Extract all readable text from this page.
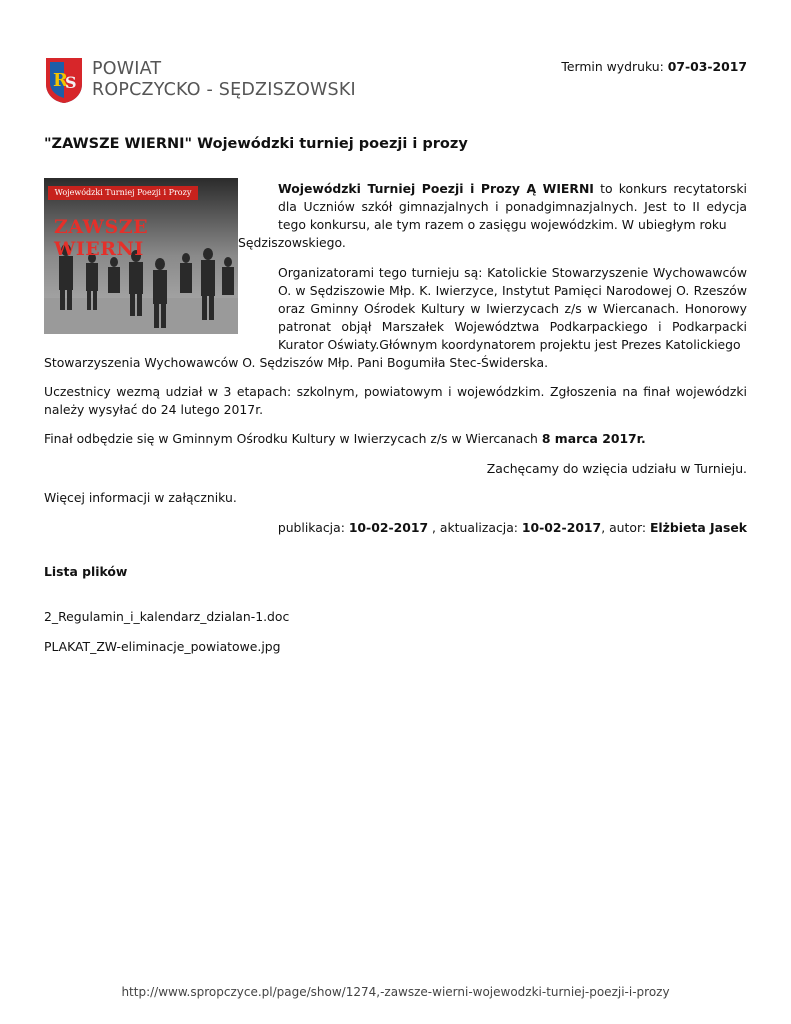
R
S
POWIAT
ROPCZYCKO - SĘDZISZOWSKI
Termin wydruku: 07-03-2017
"ZAWSZE WIERNI" Wojewódzki turniej poezji i prozy
Wojewódzki Turniej Poezji i Prozy
ZAWSZE WIERNI

Wojewódzki Turniej Poezji i Prozy Ą WIERNI to konkurs recytatorski dla Uczniów szkół gimnazjalnych i ponadgimnazjalnych. Jest to II edycja tego konkursu, ale tym razem o zasięgu wojewódzkim. W ubiegłym roku

Sędziszowskiego.

Organizatorami tego turnieju są: Katolickie Stowarzyszenie Wychowawców O. w Sędziszowie Młp. K. Iwierzyce, Instytut Pamięci Narodowej O. Rzeszów oraz Gminny Ośrodek Kultury w Iwierzycach z/s w Wiercanach. Honorowy patronat objął Marszałek Województwa Podkarpackiego i Podkarpacki Kurator Oświaty.Głównym koordynatorem projektu jest Prezes Katolickiego

Stowarzyszenia Wychowawców O. Sędziszów Młp. Pani Bogumiła Stec-Świderska.

Uczestnicy wezmą udział w 3 etapach: szkolnym, powiatowym i wojewódzkim. Zgłoszenia na finał wojewódzki należy wysyłać do 24 lutego 2017r.

Finał odbędzie się w Gminnym Ośrodku Kultury w Iwierzycach z/s w Wiercanach 8 marca 2017r.

Zachęcamy do wzięcia udziału w Turnieju.

Więcej informacji w załączniku.

publikacja: 10-02-2017 , aktualizacja: 10-02-2017, autor: Elżbieta Jasek
Lista plików
2_Regulamin_i_kalendarz_dzialan-1.doc
PLAKAT_ZW-eliminacje_powiatowe.jpg
http://www.spropczyce.pl/page/show/1274,-zawsze-wierni-wojewodzki-turniej-poezji-i-prozy
